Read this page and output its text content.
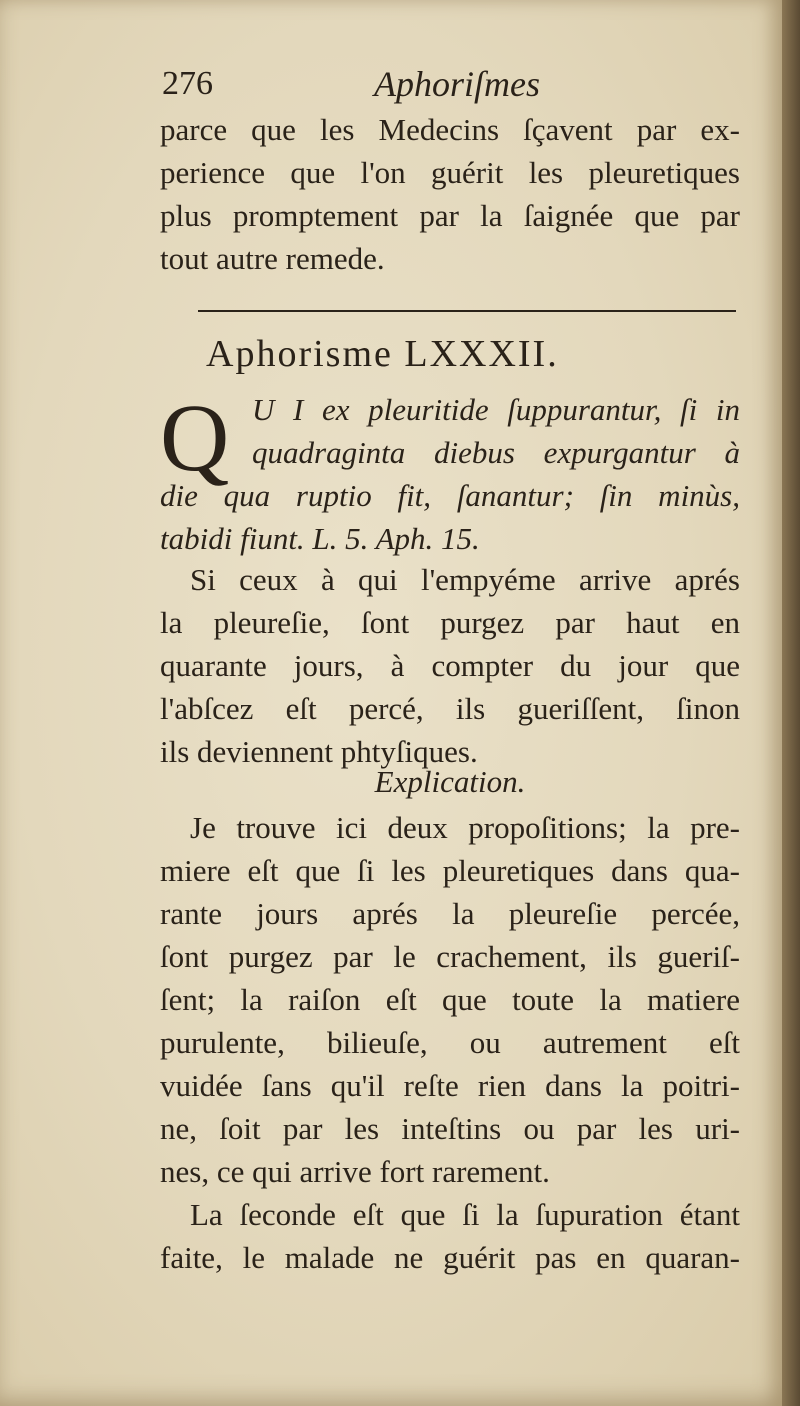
276	Aphoriſmes
parce que les Medecins ſçavent par ex-
perience que l'on guérit les pleuretiques
plus promptement par la ſaignée que par
tout autre remede.
Aphorisme LXXXII.
Q U I ex pleuritide ſuppurantur, ſi in
quadraginta diebus expurgantur à
die qua ruptio fit, ſanantur; ſin minùs,
tabidi fiunt. L. 5. Aph. 15.
Si ceux à qui l'empyéme arrive aprés
la pleureſie, ſont purgez par haut en
quarante jours, à compter du jour que
l'abſcez eſt percé, ils gueriſſent, ſinon
ils deviennent phtyſiques.
Explication.
Je trouve ici deux propoſitions; la pre-
miere eſt que ſi les pleuretiques dans qua-
rante jours aprés la pleureſie percée,
ſont purgez par le crachement, ils gueriſ-
ſent; la raiſon eſt que toute la matiere
purulente, bilieuſe, ou autrement eſt
vuidée ſans qu'il reſte rien dans la poitri-
ne, ſoit par les inteſtins ou par les uri-
nes, ce qui arrive fort rarement.
La ſeconde eſt que ſi la ſupuration étant
faite, le malade ne guérit pas en quaran-
